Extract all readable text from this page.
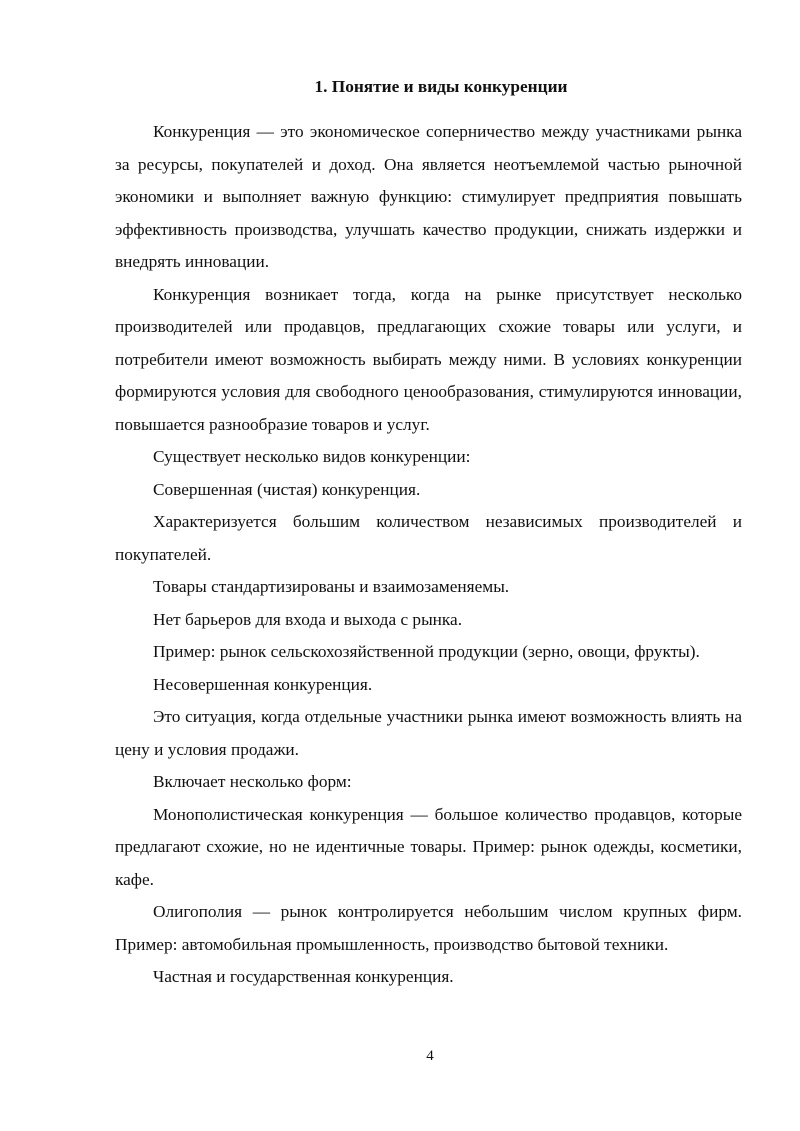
1. Понятие и виды конкуренции

Конкуренция — это экономическое соперничество между участниками рынка за ресурсы, покупателей и доход. Она является неотъемлемой частью рыночной экономики и выполняет важную функцию: стимулирует предприятия повышать эффективность производства, улучшать качество продукции, снижать издержки и внедрять инновации.

Конкуренция возникает тогда, когда на рынке присутствует несколько производителей или продавцов, предлагающих схожие товары или услуги, и потребители имеют возможность выбирать между ними. В условиях конкуренции формируются условия для свободного ценообразования, стимулируются инновации, повышается разнообразие товаров и услуг.

Существует несколько видов конкуренции:

Совершенная (чистая) конкуренция.

Характеризуется большим количеством независимых производителей и покупателей.

Товары стандартизированы и взаимозаменяемы.

Нет барьеров для входа и выхода с рынка.

Пример: рынок сельскохозяйственной продукции (зерно, овощи, фрукты).

Несовершенная конкуренция.

Это ситуация, когда отдельные участники рынка имеют возможность влиять на цену и условия продажи.

Включает несколько форм:

Монополистическая конкуренция — большое количество продавцов, которые предлагают схожие, но не идентичные товары. Пример: рынок одежды, косметики, кафе.

Олигополия — рынок контролируется небольшим числом крупных фирм. Пример: автомобильная промышленность, производство бытовой техники.

Частная и государственная конкуренция.

4
